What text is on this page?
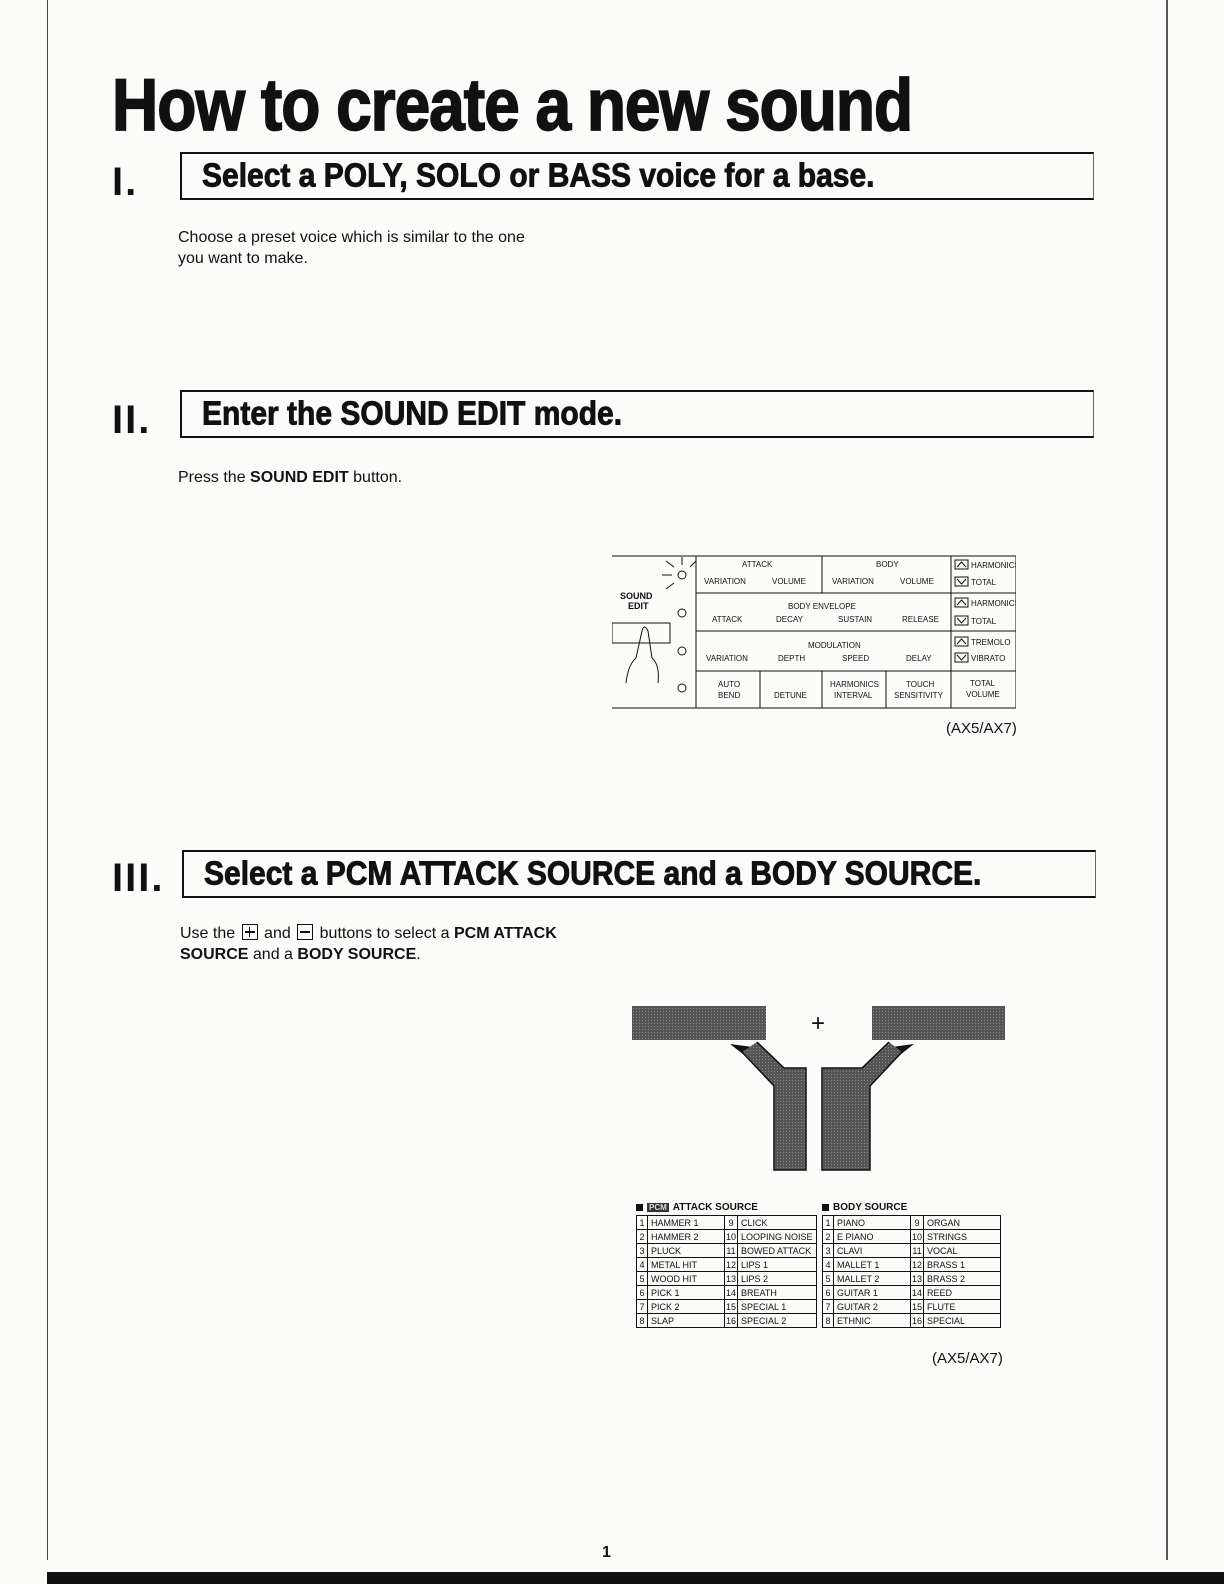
How to create a new sound
I. Select a POLY, SOLO or BASS voice for a base.
Choose a preset voice which is similar to the one
you want to make.
II. Enter the SOUND EDIT mode.
Press the SOUND EDIT button.
SOUND
EDIT
ATTACK	BODY
VARIATION	VOLUME	VARIATION	VOLUME
HARMONICS
TOTAL
BODY ENVELOPE
ATTACK	DECAY	SUSTAIN	RELEASE
HARMONICS
TOTAL
MODULATION
VARIATION	DEPTH	SPEED	DELAY
TREMOLO
VIBRATO
AUTO
BEND	DETUNE
HARMONICS
INTERVAL
TOUCH
SENSITIVITY
TOTAL
VOLUME
(AX5/AX7)
III. Select a PCM ATTACK SOURCE and a BODY SOURCE.
Use the and buttons to select a PCM ATTACK
SOURCE and a BODY SOURCE.
+
PCM ATTACK SOURCE
1	HAMMER 1	9	CLICK
2	HAMMER 2	10	LOOPING NOISE
3	PLUCK	11	BOWED ATTACK
4	METAL HIT	12	LIPS 1
5	WOOD HIT	13	LIPS 2
6	PICK 1	14	BREATH
7	PICK 2	15	SPECIAL 1
8	SLAP	16	SPECIAL 2
BODY SOURCE
1	PIANO	9	ORGAN
2	E PIANO	10	STRINGS
3	CLAVI	11	VOCAL
4	MALLET 1	12	BRASS 1
5	MALLET 2	13	BRASS 2
6	GUITAR 1	14	REED
7	GUITAR 2	15	FLUTE
8	ETHNIC	16	SPECIAL
(AX5/AX7)
1
